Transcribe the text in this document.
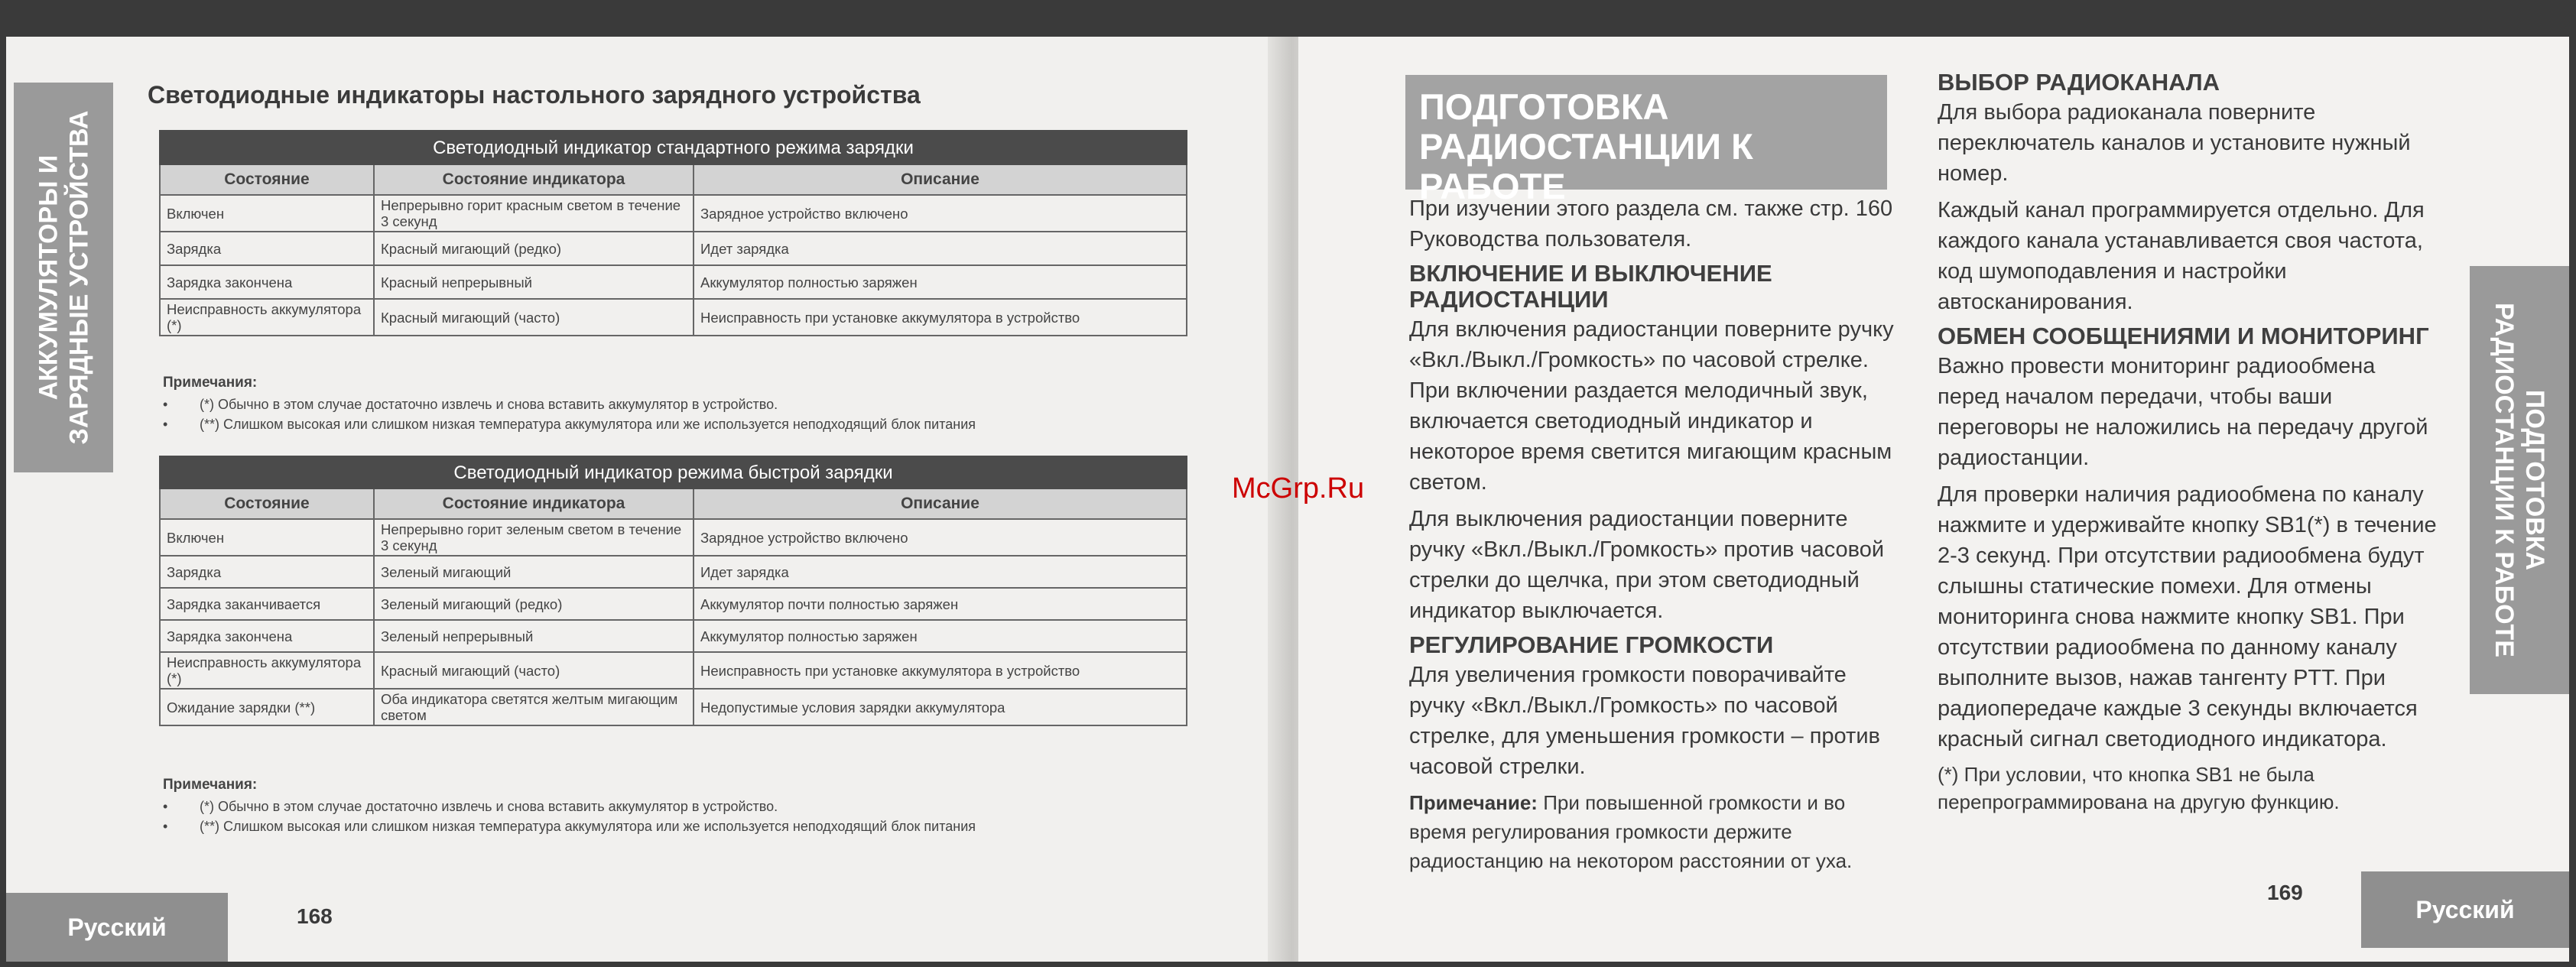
АККУМУЛЯТОРЫ И
ЗАРЯДНЫЕ УСТРОЙСТВА
Светодиодные индикаторы настольного зарядного устройства
Светодиодный индикатор стандартного режима зарядки		
Состояние	Состояние индикатора	Описание
Включен	Непрерывно горит красным светом в течение 3 секунд	Зарядное устройство включено
Зарядка	Красный мигающий (редко)	Идет зарядка
Зарядка закончена	Красный непрерывный	Аккумулятор полностью заряжен
Неисправность аккумулятора (*)	Красный мигающий (часто)	Неисправность при установке аккумулятора в устройство
Примечания:
• (*) Обычно в этом случае достаточно извлечь и снова вставить аккумулятор в устройство.
• (**) Слишком высокая или слишком низкая температура аккумулятора или же используется неподходящий блок питания
Светодиодный индикатор режима быстрой зарядки		
Состояние	Состояние индикатора	Описание
Включен	Непрерывно горит зеленым светом в течение 3 секунд	Зарядное устройство включено
Зарядка	Зеленый мигающий	Идет зарядка
Зарядка заканчивается	Зеленый мигающий (редко)	Аккумулятор почти полностью заряжен
Зарядка закончена	Зеленый непрерывный	Аккумулятор полностью заряжен
Неисправность аккумулятора (*)	Красный мигающий (часто)	Неисправность при установке аккумулятора в устройство
Ожидание зарядки (**)	Оба индикатора светятся желтым мигающим светом	Недопустимые условия зарядки аккумулятора
Примечания:
• (*) Обычно в этом случае достаточно извлечь и снова вставить аккумулятор в устройство.
• (**) Слишком высокая или слишком низкая температура аккумулятора или же используется неподходящий блок питания
Русский	168
ПОДГОТОВКА
РАДИОСТАНЦИИ К РАБОТЕ

При изучении этого раздела см. также стр. 160 Руководства пользователя.

ВКЛЮЧЕНИЕ И ВЫКЛЮЧЕНИЕ РАДИОСТАНЦИИ

Для включения радиостанции поверните ручку «Вкл./Выкл./Громкость» по часовой стрелке. При включении раздается мелодичный звук, включается светодиодный индикатор и некоторое время светится мигающим красным светом.

Для выключения радиостанции поверните ручку «Вкл./Выкл./Громкость» против часовой стрелки до щелчка, при этом светодиодный индикатор выключается.

РЕГУЛИРОВАНИЕ ГРОМКОСТИ

Для увеличения громкости поворачивайте ручку «Вкл./Выкл./Громкость» по часовой стрелке, для уменьшения громкости – против часовой стрелки.

Примечание: При повышенной громкости и во время регулирования громкости держите радиостанцию на некотором расстоянии от уха.

ВЫБОР РАДИОКАНАЛА

Для выбора радиоканала поверните переключатель каналов и установите нужный номер.

Каждый канал программируется отдельно. Для каждого канала устанавливается своя частота, код шумоподавления и настройки автосканирования.

ОБМЕН СООБЩЕНИЯМИ И МОНИТОРИНГ

Важно провести мониторинг радиообмена перед началом передачи, чтобы ваши переговоры не наложились на передачу другой радиостанции.

Для проверки наличия радиообмена по каналу нажмите и удерживайте кнопку SB1(*) в течение 2-3 секунд. При отсутствии радиообмена будут слышны статические помехи. Для отмены мониторинга снова нажмите кнопку SB1. При отсутствии радиообмена по данному каналу выполните вызов, нажав тангенту PTT. При радиопередаче каждые 3 секунды включается красный сигнал светодиодного индикатора.

(*) При условии, что кнопка SB1 не была перепрограммирована на другую функцию.

ПОДГОТОВКА
РАДИОСТАНЦИИ К РАБОТЕ
169
Русский
McGrp.Ru
